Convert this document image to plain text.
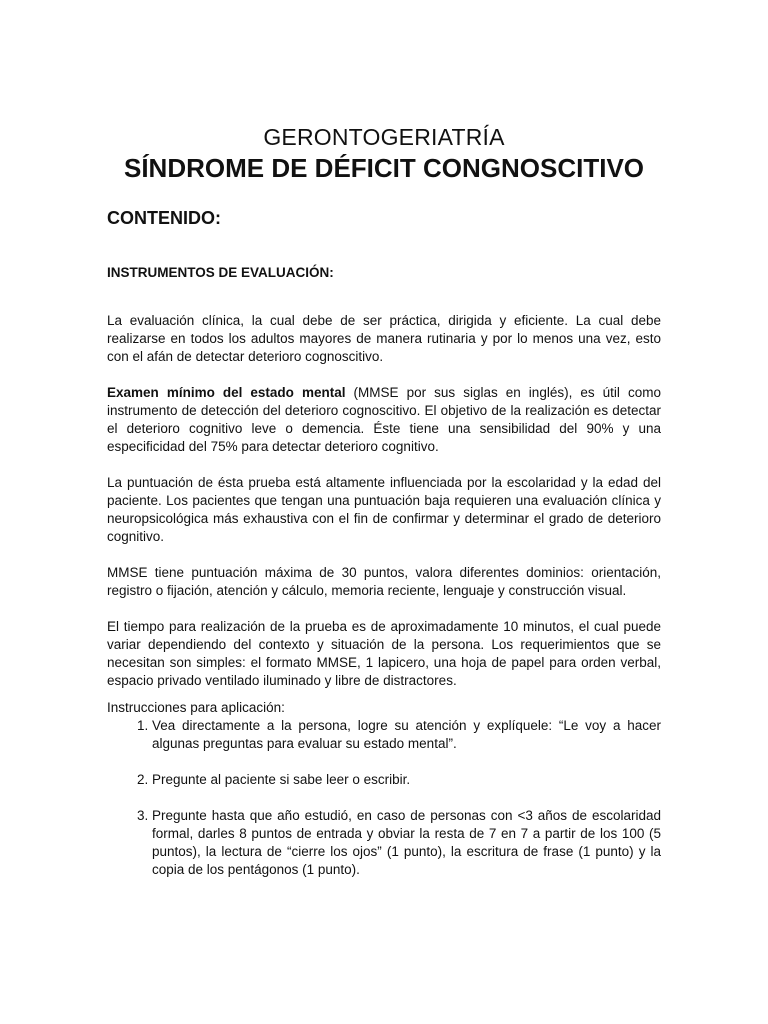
GERONTOGERIATRÍA
SÍNDROME DE DÉFICIT CONGNOSCITIVO
CONTENIDO:
INSTRUMENTOS DE EVALUACIÓN:

La evaluación clínica, la cual debe de ser práctica, dirigida y eficiente. La cual debe realizarse en todos los adultos mayores de manera rutinaria y por lo menos una vez, esto con el afán de detectar deterioro cognoscitivo.

Examen mínimo del estado mental (MMSE por sus siglas en inglés), es útil como instrumento de detección del deterioro cognoscitivo. El objetivo de la realización es detectar el deterioro cognitivo leve o demencia. Éste tiene una sensibilidad del 90% y una especificidad del 75% para detectar deterioro cognitivo.

La puntuación de ésta prueba está altamente influenciada por la escolaridad y la edad del paciente. Los pacientes que tengan una puntuación baja requieren una evaluación clínica y neuropsicológica más exhaustiva con el fin de confirmar y determinar el grado de deterioro cognitivo.

MMSE tiene puntuación máxima de 30 puntos, valora diferentes dominios: orientación, registro o fijación, atención y cálculo, memoria reciente, lenguaje y construcción visual.

El tiempo para realización de la prueba es de aproximadamente 10 minutos, el cual puede variar dependiendo del contexto y situación de la persona. Los requerimientos que se necesitan son simples: el formato MMSE, 1 lapicero, una hoja de papel para orden verbal, espacio privado ventilado iluminado y libre de distractores.

Instrucciones para aplicación:

1. Vea directamente a la persona, logre su atención y explíquele: “Le voy a hacer algunas preguntas para evaluar su estado mental”.
2. Pregunte al paciente si sabe leer o escribir.
3. Pregunte hasta que año estudió, en caso de personas con <3 años de escolaridad formal, darles 8 puntos de entrada y obviar la resta de 7 en 7 a partir de los 100 (5 puntos), la lectura de “cierre los ojos” (1 punto), la escritura de frase (1 punto) y la copia de los pentágonos (1 punto).
